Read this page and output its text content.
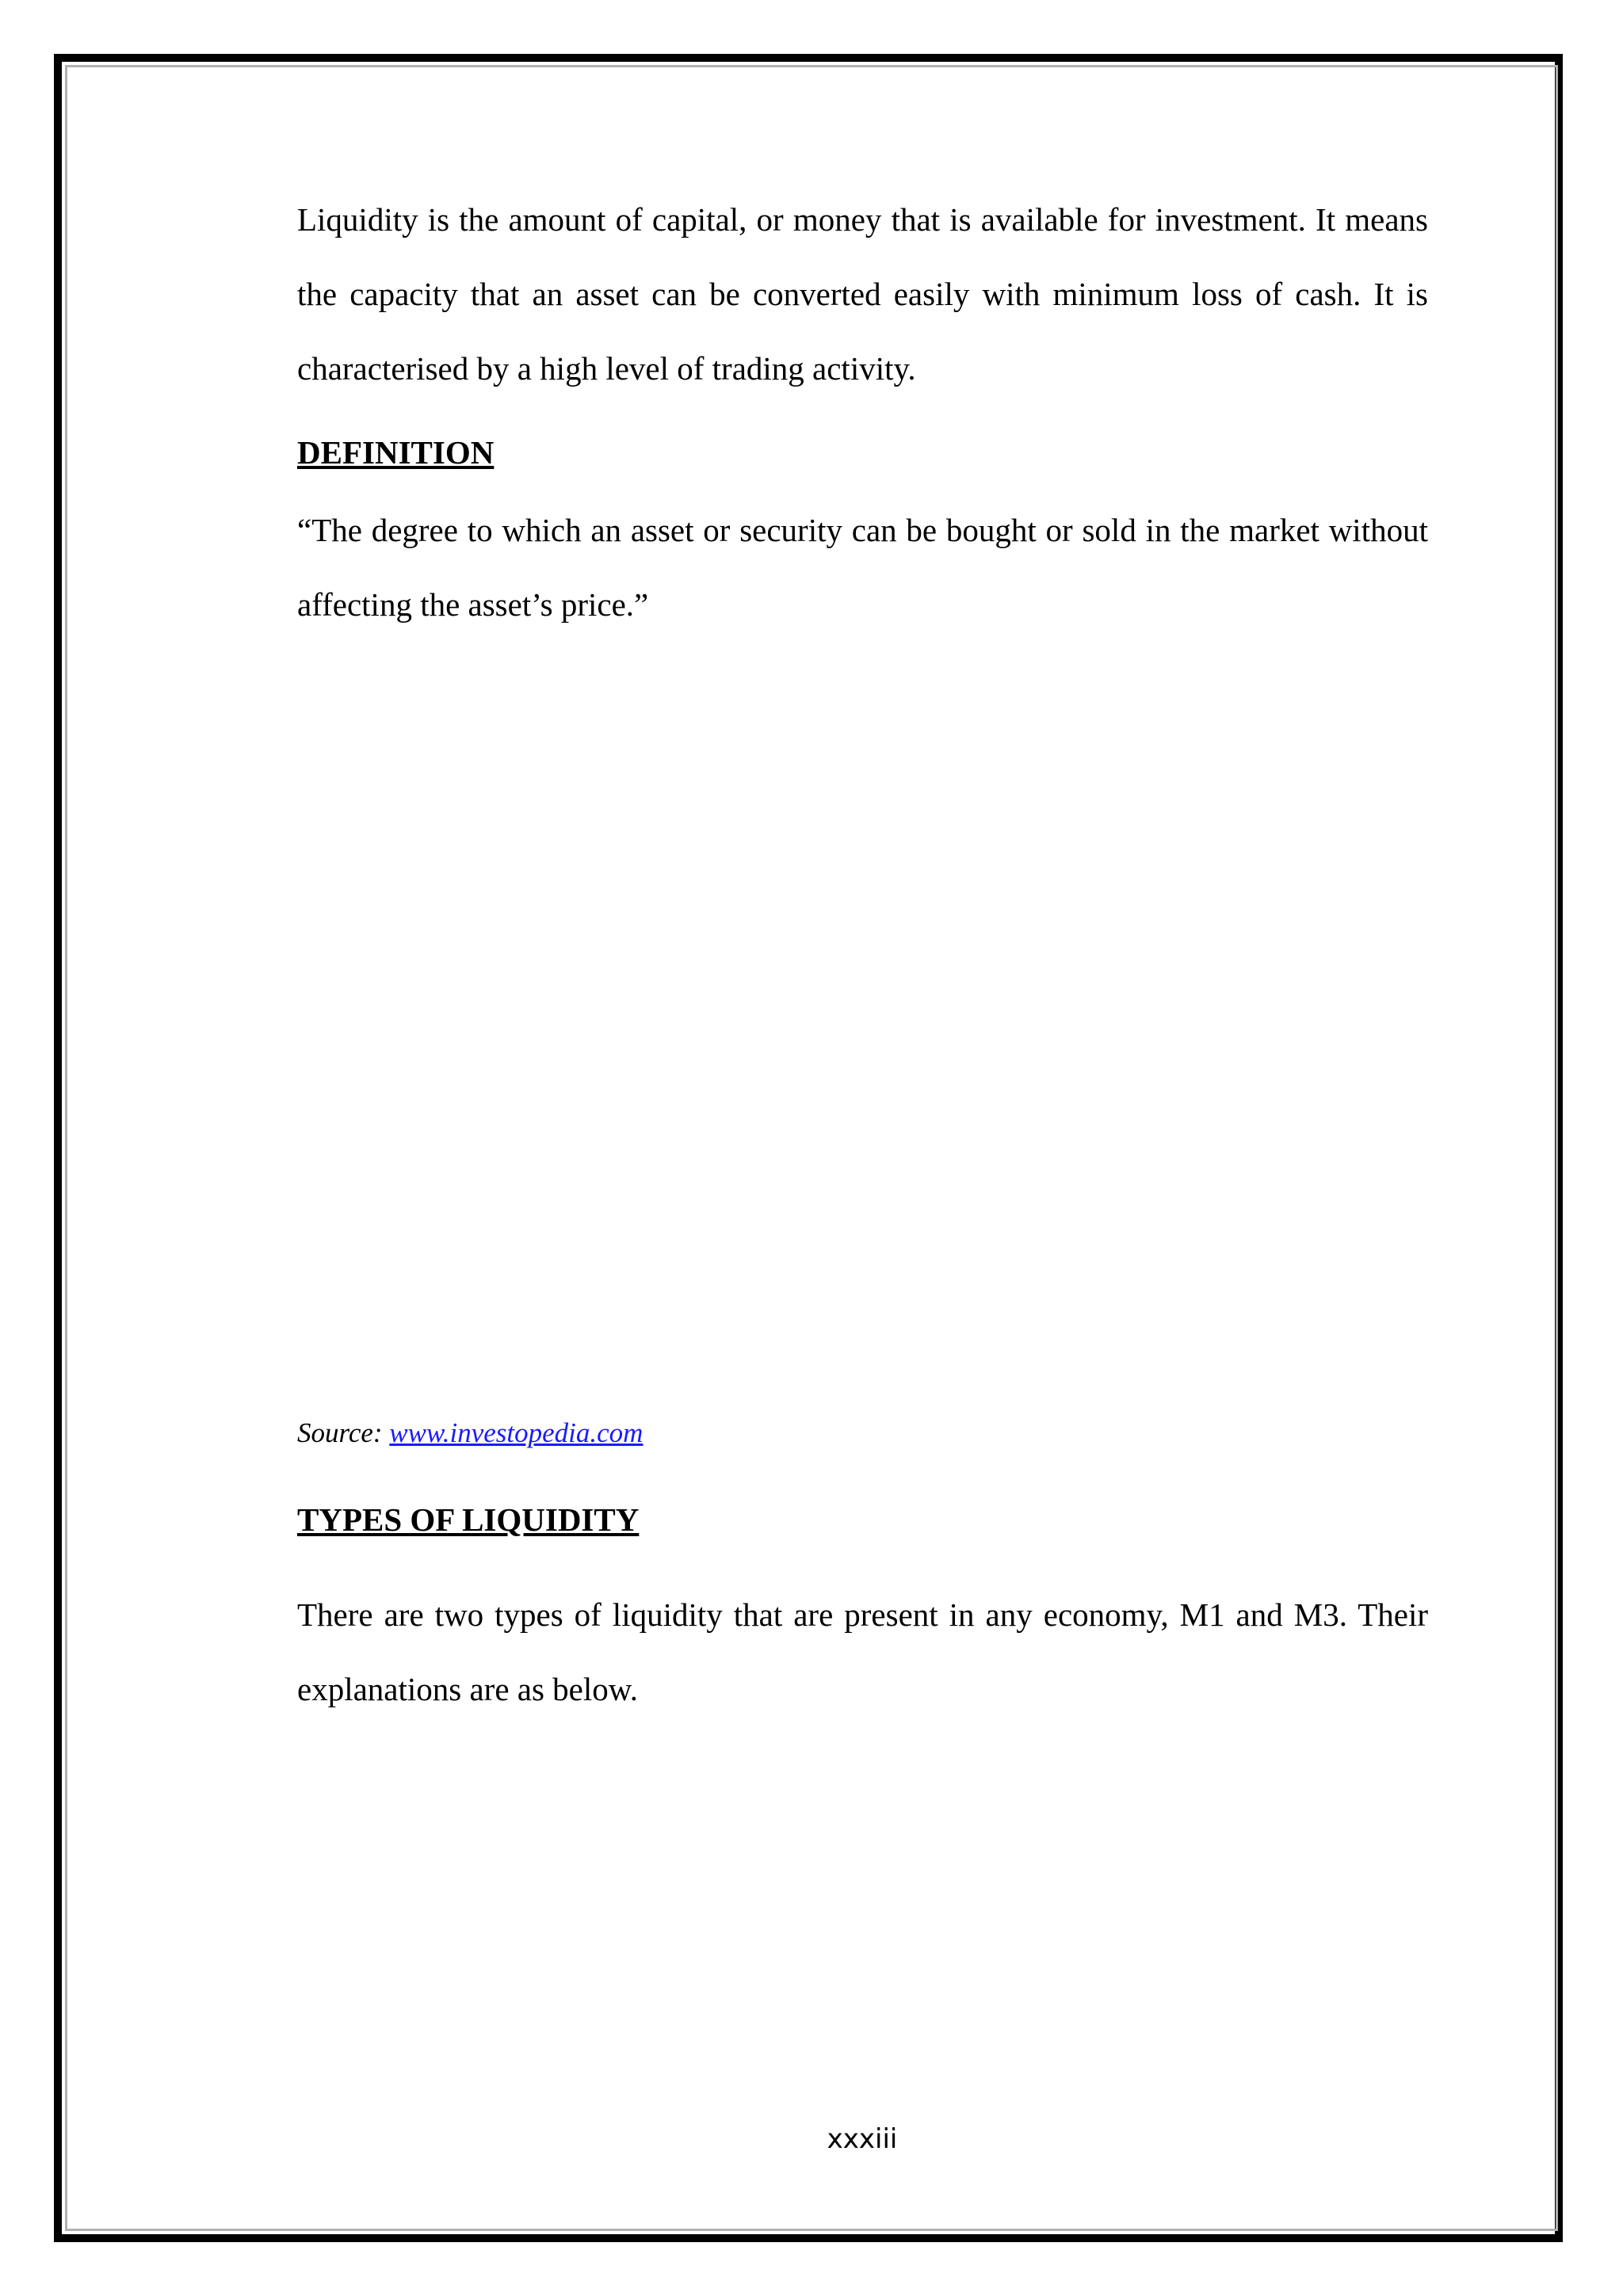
Liquidity is the amount of capital, or money that is available for investment. It means the capacity that an asset can be converted easily with minimum loss of cash. It is characterised by a high level of trading activity.

DEFINITION

“The degree to which an asset or security can be bought or sold in the market without affecting the asset’s price.”

Source: www.investopedia.com

TYPES OF LIQUIDITY

There are two types of liquidity that are present in any economy, M1 and M3. Their explanations are as below.

xxxiii
